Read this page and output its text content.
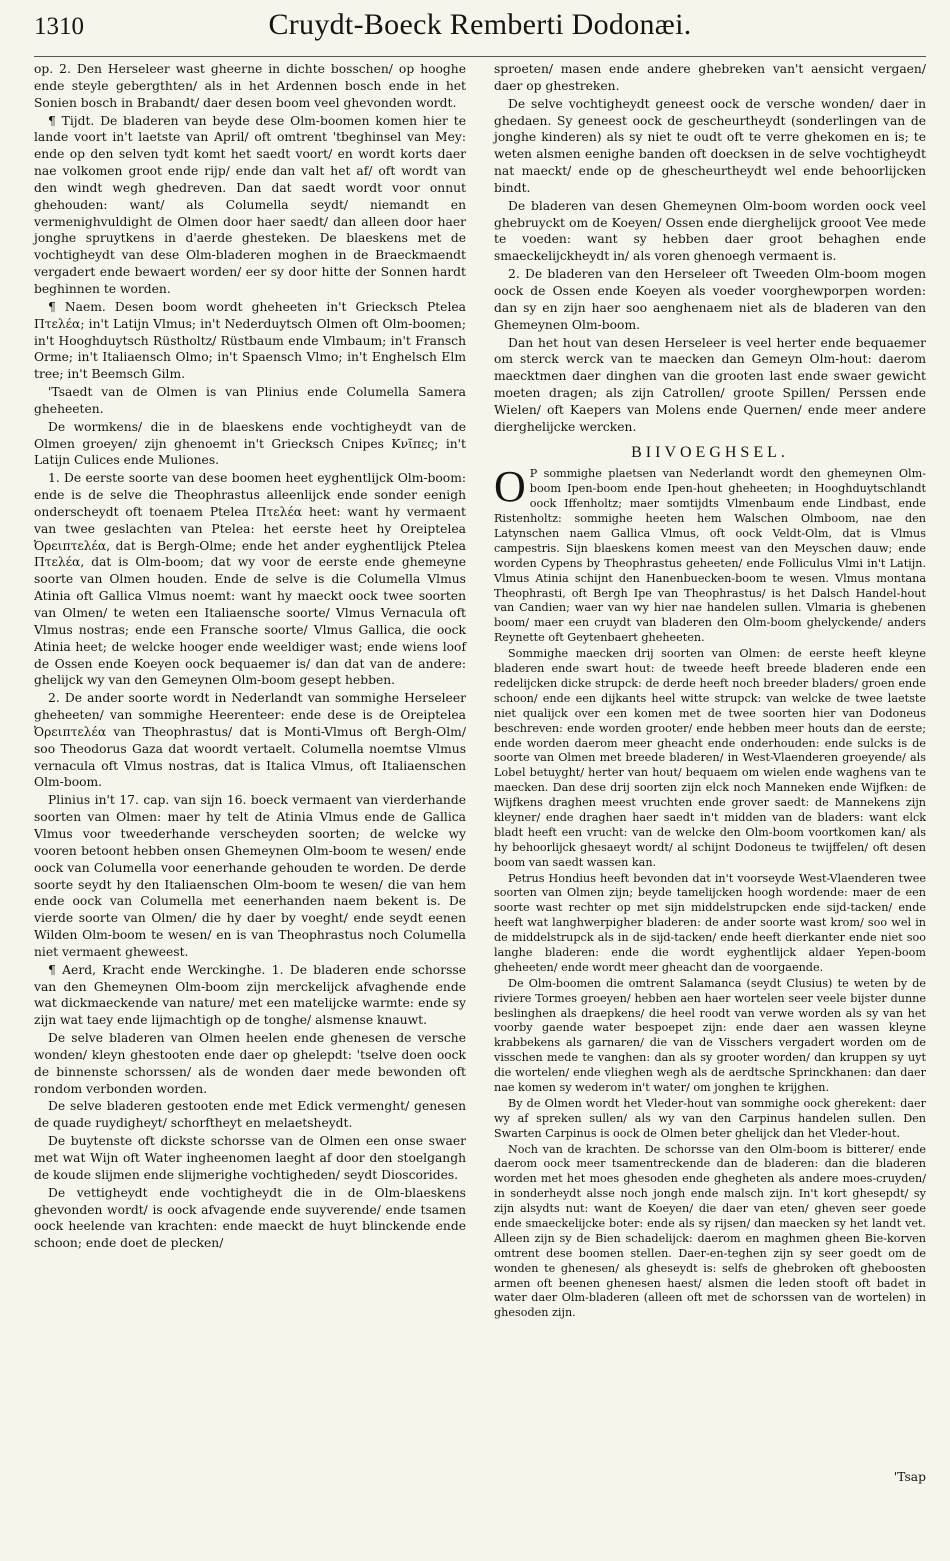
1310	Cruydt-Boeck Remberti Dodonæi.

op. 2. Den Herseleer wast gheerne in dichte bosschen/ op hooghe ende steyle gebergthten/ als in het Ardennen bosch ende in het Sonien bosch in Brabandt/ daer desen boom veel ghevonden wordt.

¶ Tijdt. De bladeren van beyde dese Olm-boomen komen hier te lande voort in't laetste van April/ oft omtrent 'tbeghinsel van Mey: ende op den selven tydt komt het saedt voort/ en wordt korts daer nae volkomen groot ende rijp/ ende dan valt het af/ oft wordt van den windt wegh ghedreven. Dan dat saedt wordt voor onnut ghehouden: want/ als Columella seydt/ niemandt en vermenighvuldight de Olmen door haer saedt/ dan alleen door haer jonghe spruytkens in d'aerde ghesteken. De blaeskens met de vochtigheydt van dese Olm-bladeren moghen in de Braeckmaendt vergadert ende bewaert worden/ eer sy door hitte der Sonnen hardt beghinnen te worden.

¶ Naem. Desen boom wordt gheheeten in't Griecksch Ptelea Πτελέα; in't Latijn Vlmus; in't Nederduytsch Olmen oft Olm-boomen; in't Hooghduytsch Rüstholtz/ Rüstbaum ende Vlmbaum; in't Fransch Orme; in't Italiaensch Olmo; in't Spaensch Vlmo; in't Enghelsch Elm tree; in't Beemsch Gilm.

'Tsaedt van de Olmen is van Plinius ende Columella Samera gheheeten.

De wormkens/ die in de blaeskens ende vochtigheydt van de Olmen groeyen/ zijn ghenoemt in't Griecksch Cnipes Κνῖπες; in't Latijn Culices ende Muliones.

1. De eerste soorte van dese boomen heet eyghentlijck Olm-boom: ende is de selve die Theophrastus alleenlijck ende sonder eenigh onderscheydt oft toenaem Ptelea Πτελέα heet: want hy vermaent van twee geslachten van Ptelea: het eerste heet hy Oreiptelea Ὀρειπτελέα, dat is Bergh-Olme; ende het ander eyghentlijck Ptelea Πτελέα, dat is Olm-boom; dat wy voor de eerste ende ghemeyne soorte van Olmen houden. Ende de selve is die Columella Vlmus Atinia oft Gallica Vlmus noemt: want hy maeckt oock twee soorten van Olmen/ te weten een Italiaensche soorte/ Vlmus Vernacula oft Vlmus nostras; ende een Fransche soorte/ Vlmus Gallica, die oock Atinia heet; de welcke hooger ende weeldiger wast; ende wiens loof de Ossen ende Koeyen oock bequaemer is/ dan dat van de andere: ghelijck wy van den Gemeynen Olm-boom gesept hebben.

2. De ander soorte wordt in Nederlandt van sommighe Herseleer gheheeten/ van sommighe Heerenteer: ende dese is de Oreiptelea Ὀρειπτελέα van Theophrastus/ dat is Monti-Vlmus oft Bergh-Olm/ soo Theodorus Gaza dat woordt vertaelt. Columella noemtse Vlmus vernacula oft Vlmus nostras, dat is Italica Vlmus, oft Italiaenschen Olm-boom.

Plinius in't 17. cap. van sijn 16. boeck vermaent van vierderhande soorten van Olmen: maer hy telt de Atinia Vlmus ende de Gallica Vlmus voor tweederhande verscheyden soorten; de welcke wy vooren betoont hebben onsen Ghemeynen Olm-boom te wesen/ ende oock van Columella voor eenerhande gehouden te worden. De derde soorte seydt hy den Italiaenschen Olm-boom te wesen/ die van hem ende oock van Columella met eenerhanden naem bekent is. De vierde soorte van Olmen/ die hy daer by voeght/ ende seydt eenen Wilden Olm-boom te wesen/ en is van Theophrastus noch Columella niet vermaent gheweest.

¶ Aerd, Kracht ende Werckinghe. 1. De bladeren ende schorsse van den Ghemeynen Olm-boom zijn merckelijck afvaghende ende wat dickmaeckende van nature/ met een matelijcke warmte: ende sy zijn wat taey ende lijmachtigh op de tonghe/ alsmense knauwt.

De selve bladeren van Olmen heelen ende ghenesen de versche wonden/ kleyn ghestooten ende daer op ghelepdt: 'tselve doen oock de binnenste schorssen/ als de wonden daer mede bewonden oft rondom verbonden worden.

De selve bladeren gestooten ende met Edick vermenght/ genesen de quade ruydigheyt/ schorftheyt en melaetsheydt.

De buytenste oft dickste schorsse van de Olmen een onse swaer met wat Wijn oft Water ingheenomen laeght af door den stoelgangh de koude slijmen ende slijmerighe vochtigheden/ seydt Dioscorides.

De vettigheydt ende vochtigheydt die in de Olm-blaeskens ghevonden wordt/ is oock afvagende ende suyverende/ ende tsamen oock heelende van krachten: ende maeckt de huyt blinckende ende schoon; ende doet de plecken/

sproeten/ masen ende andere ghebreken van't aensicht vergaen/ daer op ghestreken.

De selve vochtigheydt geneest oock de versche wonden/ daer in ghedaen. Sy geneest oock de gescheurtheydt (sonderlingen van de jonghe kinderen) als sy niet te oudt oft te verre ghekomen en is; te weten alsmen eenighe banden oft doecksen in de selve vochtigheydt nat maeckt/ ende op de ghescheurtheydt wel ende behoorlijcken bindt.

De bladeren van desen Ghemeynen Olm-boom worden oock veel ghebruyckt om de Koeyen/ Ossen ende dierghelijck grooot Vee mede te voeden: want sy hebben daer groot behaghen ende smaeckelijckheydt in/ als voren ghenoegh vermaent is.

2. De bladeren van den Herseleer oft Tweeden Olm-boom mogen oock de Ossen ende Koeyen als voeder voorghewporpen worden: dan sy en zijn haer soo aenghenaem niet als de bladeren van den Ghemeynen Olm-boom.

Dan het hout van desen Herseleer is veel herter ende bequaemer om sterck werck van te maecken dan Gemeyn Olm-hout: daerom maecktmen daer dinghen van die grooten last ende swaer gewicht moeten dragen; als zijn Catrollen/ groote Spillen/ Perssen ende Wielen/ oft Kaepers van Molens ende Quernen/ ende meer andere dierghelijcke wercken.

BIIVOEGHSEL.

O P sommighe plaetsen van Nederlandt wordt den ghemeynen Olm-boom Ipen-boom ende Ipen-hout gheheeten; in Hooghduytschlandt oock Iffenholtz; maer somtijdts Vlmenbaum ende Lindbast, ende Ristenholtz: sommighe heeten hem Walschen Olmboom, nae den Latynschen naem Gallica Vlmus, oft oock Veldt-Olm, dat is Vlmus campestris. Sijn blaeskens komen meest van den Meyschen dauw; ende worden Cypens by Theophrastus geheeten/ ende Folliculus Vlmi in't Latijn. Vlmus Atinia schijnt den Hanenbuecken-boom te wesen. Vlmus montana Theophrasti, oft Bergh Ipe van Theophrastus/ is het Dalsch Handel-hout van Candien; waer van wy hier nae handelen sullen. Vlmaria is ghebenen boom/ maer een cruydt van bladeren den Olm-boom ghelyckende/ anders Reynette oft Geytenbaert gheheeten.

Sommighe maecken drij soorten van Olmen: de eerste heeft kleyne bladeren ende swart hout: de tweede heeft breede bladeren ende een redelijcken dicke strupck: de derde heeft noch breeder bladers/ groen ende schoon/ ende een dijkants heel witte strupck: van welcke de twee laetste niet qualijck over een komen met de twee soorten hier van Dodoneus beschreven: ende worden grooter/ ende hebben meer houts dan de eerste; ende worden daerom meer gheacht ende onderhouden: ende sulcks is de soorte van Olmen met breede bladeren/ in West-Vlaenderen groeyende/ als Lobel betuyght/ herter van hout/ bequaem om wielen ende waghens van te maecken. Dan dese drij soorten zijn elck noch Manneken ende Wijfken: de Wijfkens draghen meest vruchten ende grover saedt: de Mannekens zijn kleyner/ ende draghen haer saedt in't midden van de bladers: want elck bladt heeft een vrucht: van de welcke den Olm-boom voortkomen kan/ als hy behoorlijck ghesaeyt wordt/ al schijnt Dodoneus te twijffelen/ oft desen boom van saedt wassen kan.

Petrus Hondius heeft bevonden dat in't voorseyde West-Vlaenderen twee soorten van Olmen zijn; beyde tamelijcken hoogh wordende: maer de een soorte wast rechter op met sijn middelstrupcken ende sijd-tacken/ ende heeft wat langhwerpigher bladeren: de ander soorte wast krom/ soo wel in de middelstrupck als in de sijd-tacken/ ende heeft dierkanter ende niet soo langhe bladeren: ende die wordt eyghentlijck aldaer Yepen-boom gheheeten/ ende wordt meer gheacht dan de voorgaende.

De Olm-boomen die omtrent Salamanca (seydt Clusius) te weten by de riviere Tormes groeyen/ hebben aen haer wortelen seer veele bijster dunne beslinghen als draepkens/ die heel roodt van verwe worden als sy van het voorby gaende water bespoepet zijn: ende daer aen wassen kleyne krabbekens als garnaren/ die van de Visschers vergadert worden om de visschen mede te vanghen: dan als sy grooter worden/ dan kruppen sy uyt die wortelen/ ende vlieghen wegh als de aerdtsche Sprinckhanen: dan daer nae komen sy wederom in't water/ om jonghen te krijghen.

By de Olmen wordt het Vleder-hout van sommighe oock gherekent: daer wy af spreken sullen/ als wy van den Carpinus handelen sullen. Den Swarten Carpinus is oock de Olmen beter ghelijck dan het Vleder-hout.

Noch van de krachten. De schorsse van den Olm-boom is bitterer/ ende daerom oock meer tsamentreckende dan de bladeren: dan die bladeren worden met het moes ghesoden ende ghegheten als andere moes-cruyden/ in sonderheydt alsse noch jongh ende malsch zijn. In't kort ghesepdt/ sy zijn alsydts nut: want de Koeyen/ die daer van eten/ gheven seer goede ende smaeckelijcke boter: ende als sy rijsen/ dan maecken sy het landt vet. Alleen zijn sy de Bien schadelijck: daerom en maghmen gheen Bie-korven omtrent dese boomen stellen. Daer-en-teghen zijn sy seer goedt om de wonden te ghenesen/ als gheseydt is: selfs de ghebroken oft gheboosten armen oft beenen ghenesen haest/ alsmen die leden stooft oft badet in water daer Olm-bladeren (alleen oft met de schorssen van de wortelen) in ghesoden zijn.

'Tsap
